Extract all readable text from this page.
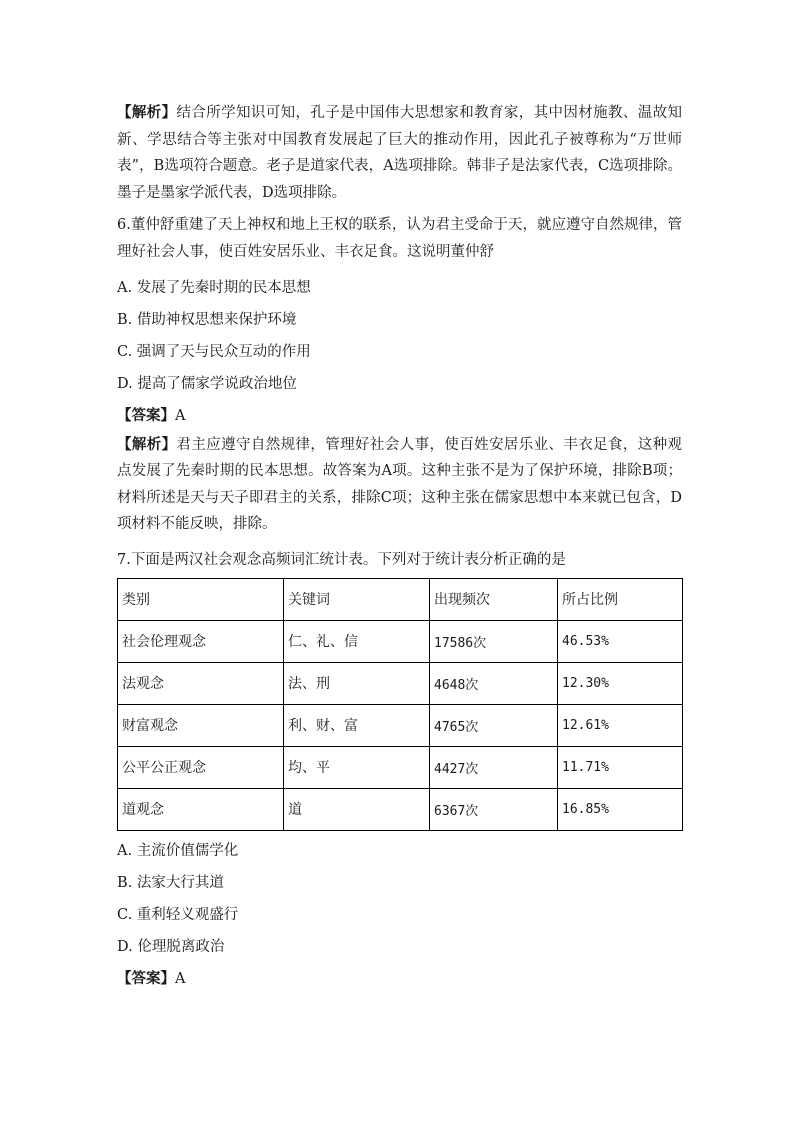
【解析】结合所学知识可知，孔子是中国伟大思想家和教育家，其中因材施教、温故知新、学思结合等主张对中国教育发展起了巨大的推动作用，因此孔子被尊称为“万世师表”，B选项符合题意。老子是道家代表，A选项排除。韩非子是法家代表，C选项排除。墨子是墨家学派代表，D选项排除。

6.董仲舒重建了天上神权和地上王权的联系，认为君主受命于天，就应遵守自然规律，管理好社会人事，使百姓安居乐业、丰衣足食。这说明董仲舒

A. 发展了先秦时期的民本思想

B. 借助神权思想来保护环境

C. 强调了天与民众互动的作用

D. 提高了儒家学说政治地位

【答案】A

【解析】君主应遵守自然规律，管理好社会人事，使百姓安居乐业、丰衣足食，这种观点发展了先秦时期的民本思想。故答案为A项。这种主张不是为了保护环境，排除B项；材料所述是天与天子即君主的关系，排除C项；这种主张在儒家思想中本来就已包含，D项材料不能反映，排除。

7.下面是两汉社会观念高频词汇统计表。下列对于统计表分析正确的是

类别	关键词	出现频次	所占比例
社会伦理观念	仁、礼、信	17586次	46.53%
法观念	法、刑	4648次	12.30%
财富观念	利、财、富	4765次	12.61%
公平公正观念	均、平	4427次	11.71%
道观念	道	6367次	16.85%

A. 主流价值儒学化

B. 法家大行其道

C. 重利轻义观盛行

D. 伦理脱离政治

【答案】A
